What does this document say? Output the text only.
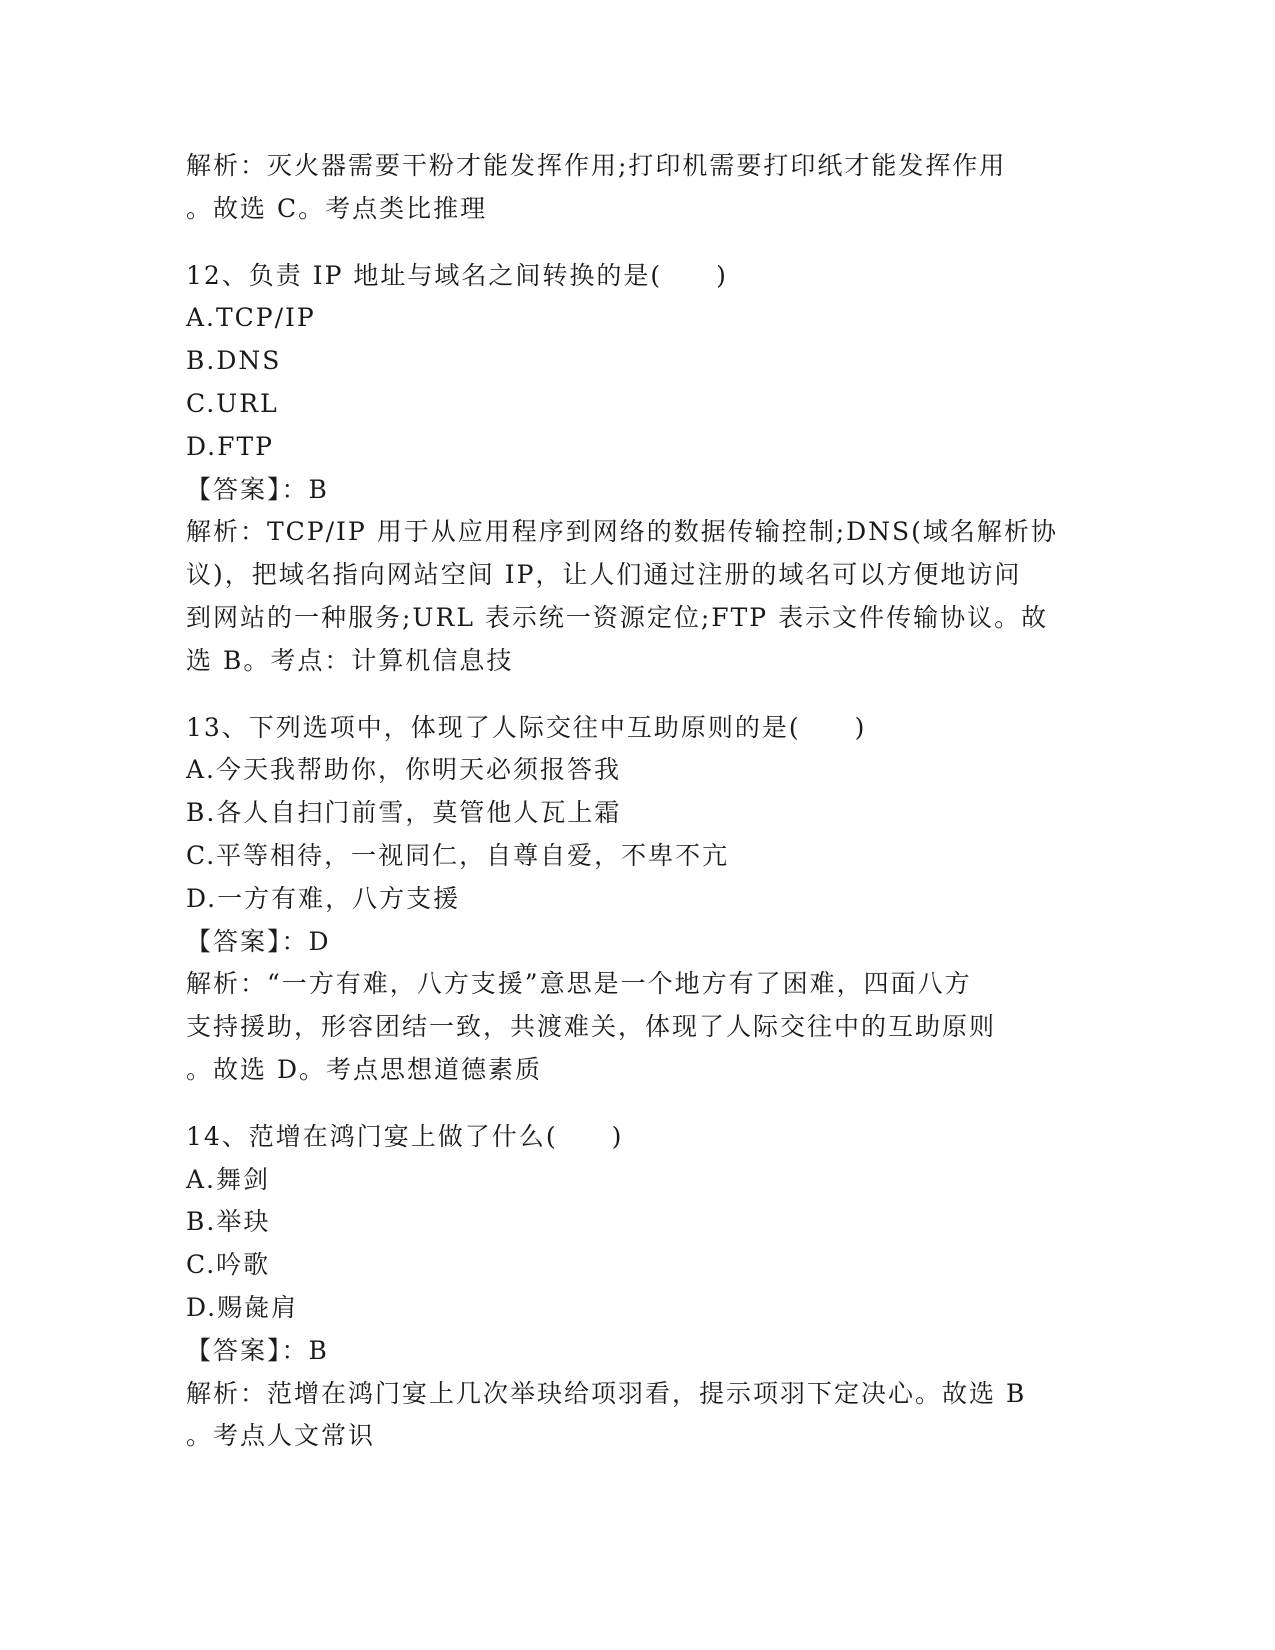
解析：灭火器需要干粉才能发挥作用;打印机需要打印纸才能发挥作用
。故选 C。考点类比推理
12、负责 IP 地址与域名之间转换的是(　　)
A.TCP/IP
B.DNS
C.URL
D.FTP
【答案】：B
解析：TCP/IP 用于从应用程序到网络的数据传输控制;DNS(域名解析协
议)，把域名指向网站空间 IP，让人们通过注册的域名可以方便地访问
到网站的一种服务;URL 表示统一资源定位;FTP 表示文件传输协议。故
选 B。考点：计算机信息技
13、下列选项中，体现了人际交往中互助原则的是(　　)
A.今天我帮助你，你明天必须报答我
B.各人自扫门前雪，莫管他人瓦上霜
C.平等相待，一视同仁，自尊自爱，不卑不亢
D.一方有难，八方支援
【答案】：D
解析：“一方有难，八方支援”意思是一个地方有了困难，四面八方
支持援助，形容团结一致，共渡难关，体现了人际交往中的互助原则
。故选 D。考点思想道德素质
14、范增在鸿门宴上做了什么(　　)
A.舞剑
B.举玦
C.吟歌
D.赐彘肩
【答案】：B
解析：范增在鸿门宴上几次举玦给项羽看，提示项羽下定决心。故选 B
。考点人文常识
